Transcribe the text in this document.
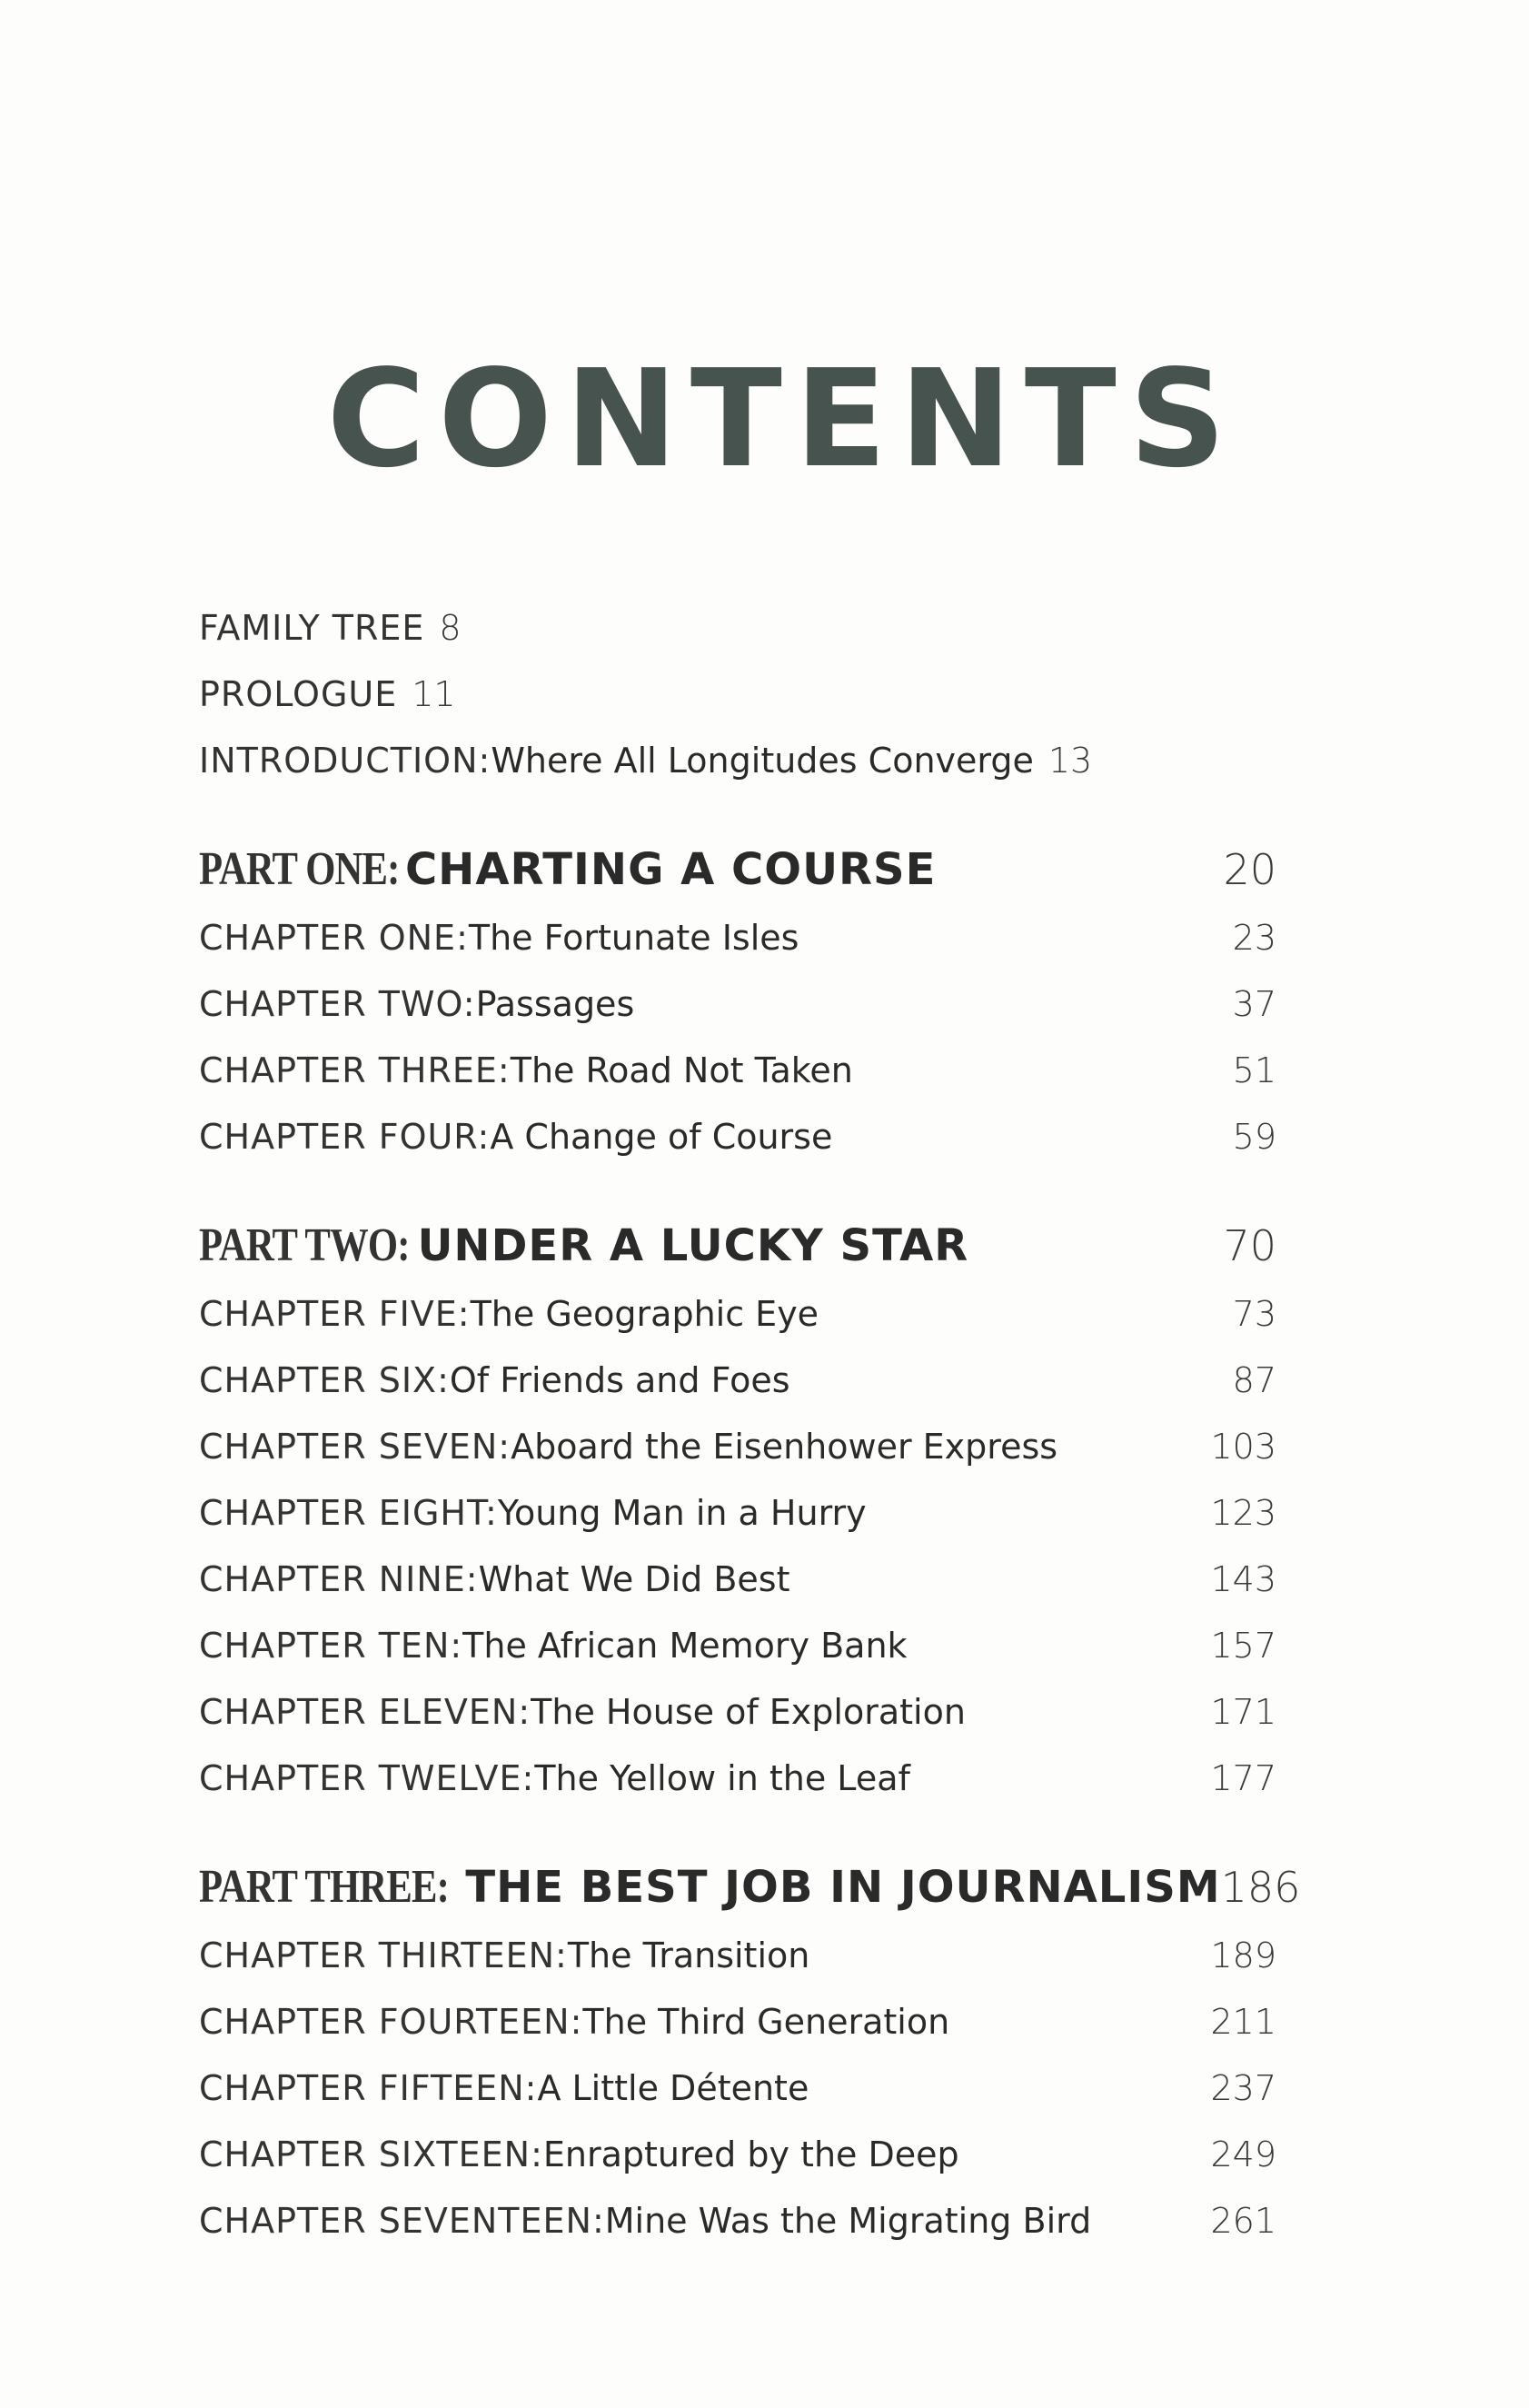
CONTENTS
FAMILY TREE 8
PROLOGUE 11
INTRODUCTION: Where All Longitudes Converge 13
PART ONE: CHARTING A COURSE	20
CHAPTER ONE: The Fortunate Isles	23
CHAPTER TWO: Passages	37
CHAPTER THREE: The Road Not Taken	51
CHAPTER FOUR: A Change of Course	59
PART TWO: UNDER A LUCKY STAR	70
CHAPTER FIVE: The Geographic Eye	73
CHAPTER SIX: Of Friends and Foes	87
CHAPTER SEVEN: Aboard the Eisenhower Express	103
CHAPTER EIGHT: Young Man in a Hurry	123
CHAPTER NINE: What We Did Best	143
CHAPTER TEN: The African Memory Bank	157
CHAPTER ELEVEN: The House of Exploration	171
CHAPTER TWELVE: The Yellow in the Leaf	177
PART THREE: THE BEST JOB IN JOURNALISM 186
CHAPTER THIRTEEN: The Transition	189
CHAPTER FOURTEEN: The Third Generation	211
CHAPTER FIFTEEN: A Little Détente	237
CHAPTER SIXTEEN: Enraptured by the Deep	249
CHAPTER SEVENTEEN: Mine Was the Migrating Bird	261
